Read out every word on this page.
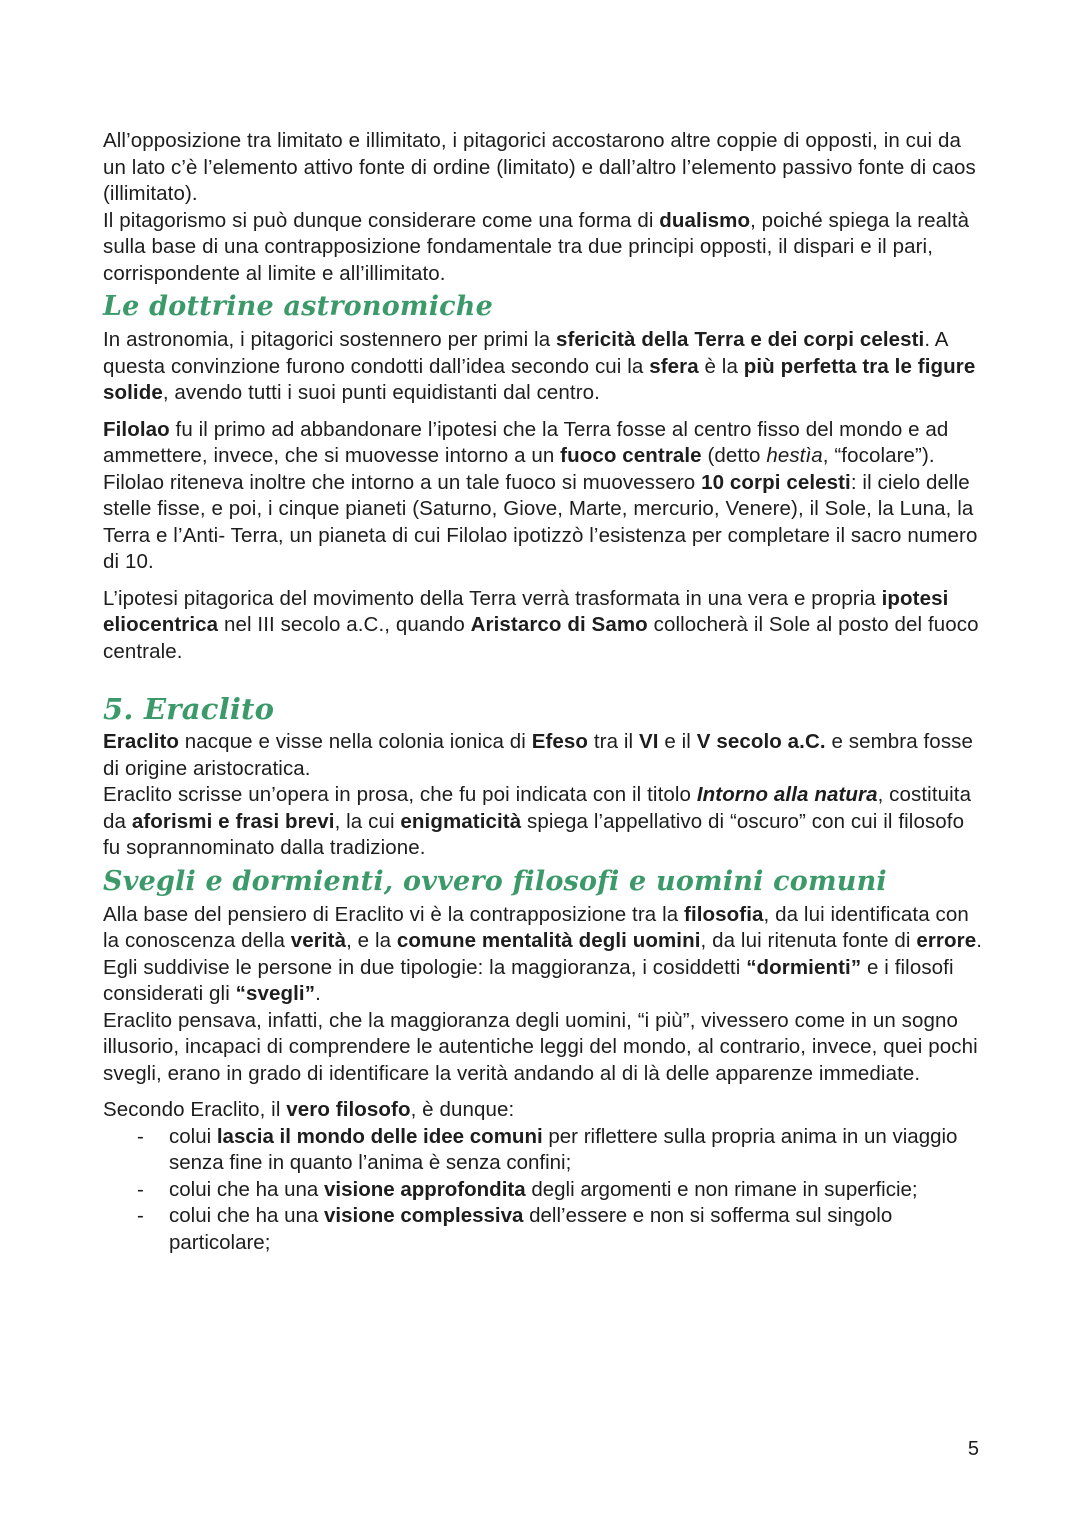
All’opposizione tra limitato e illimitato, i pitagorici accostarono altre coppie di opposti, in cui da un lato c’è l’elemento attivo fonte di ordine (limitato) e dall’altro l’elemento passivo fonte di caos (illimitato).

Il pitagorismo si può dunque considerare come una forma di dualismo, poiché spiega la realtà sulla base di una contrapposizione fondamentale tra due principi opposti, il dispari e il pari, corrispondente al limite e all’illimitato.

Le dottrine astronomiche

In astronomia, i pitagorici sostennero per primi la sfericità della Terra e dei corpi celesti. A questa convinzione furono condotti dall’idea secondo cui la sfera è la più perfetta tra le figure solide, avendo tutti i suoi punti equidistanti dal centro.

Filolao fu il primo ad abbandonare l’ipotesi che la Terra fosse al centro fisso del mondo e ad ammettere, invece, che si muovesse intorno a un fuoco centrale (detto hestìa, “focolare”).

Filolao riteneva inoltre che intorno a un tale fuoco si muovessero 10 corpi celesti: il cielo delle stelle fisse, e poi, i cinque pianeti (Saturno, Giove, Marte, mercurio, Venere), il Sole, la Luna, la Terra e l’Anti- Terra, un pianeta di cui Filolao ipotizzò l’esistenza per completare il sacro numero di 10.

L’ipotesi pitagorica del movimento della Terra verrà trasformata in una vera e propria ipotesi eliocentrica nel III secolo a.C., quando Aristarco di Samo collocherà il Sole al posto del fuoco centrale.

5. Eraclito

Eraclito nacque e visse nella colonia ionica di Efeso tra il VI e il V secolo a.C. e sembra fosse di origine aristocratica.

Eraclito scrisse un’opera in prosa, che fu poi indicata con il titolo Intorno alla natura, costituita da aforismi e frasi brevi, la cui enigmaticità spiega l’appellativo di “oscuro” con cui il filosofo fu soprannominato dalla tradizione.

Svegli e dormienti, ovvero filosofi e uomini comuni

Alla base del pensiero di Eraclito vi è la contrapposizione tra la filosofia, da lui identificata con la conoscenza della verità, e la comune mentalità degli uomini, da lui ritenuta fonte di errore. Egli suddivise le persone in due tipologie: la maggioranza, i cosiddetti “dormienti” e i filosofi considerati gli “svegli”.

Eraclito pensava, infatti, che la maggioranza degli uomini, “i più”, vivessero come in un sogno illusorio, incapaci di comprendere le autentiche leggi del mondo, al contrario, invece, quei pochi svegli, erano in grado di identificare la verità andando al di là delle apparenze immediate.

Secondo Eraclito, il vero filosofo, è dunque:

- colui lascia il mondo delle idee comuni per riflettere sulla propria anima in un viaggio senza fine in quanto l’anima è senza confini;
- colui che ha una visione approfondita degli argomenti e non rimane in superficie;
- colui che ha una visione complessiva dell’essere e non si sofferma sul singolo particolare;
5
